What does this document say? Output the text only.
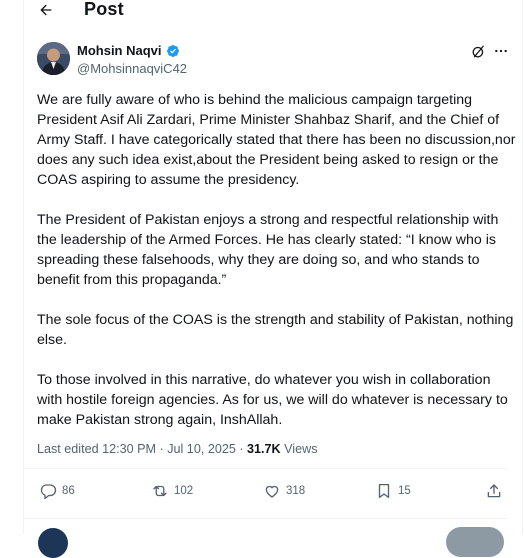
Post
Mohsin Naqvi
@MohsinnaqviC42

We are fully aware of who is behind the malicious campaign targeting President Asif Ali Zardari, Prime Minister Shahbaz Sharif, and the Chief of Army Staff. I have categorically stated that there has been no discussion,nor does any such idea exist,about the President being asked to resign or the COAS aspiring to assume the presidency.

The President of Pakistan enjoys a strong and respectful relationship with the leadership of the Armed Forces. He has clearly stated: “I know who is spreading these falsehoods, why they are doing so, and who stands to benefit from this propaganda.”

The sole focus of the COAS is the strength and stability of Pakistan, nothing else.

To those involved in this narrative, do whatever you wish in collaboration with hostile foreign agencies. As for us, we will do whatever is necessary to make Pakistan strong again, InshAllah.

Last edited 12:30 PM · Jul 10, 2025 · 31.7K Views
86	102	318	15
